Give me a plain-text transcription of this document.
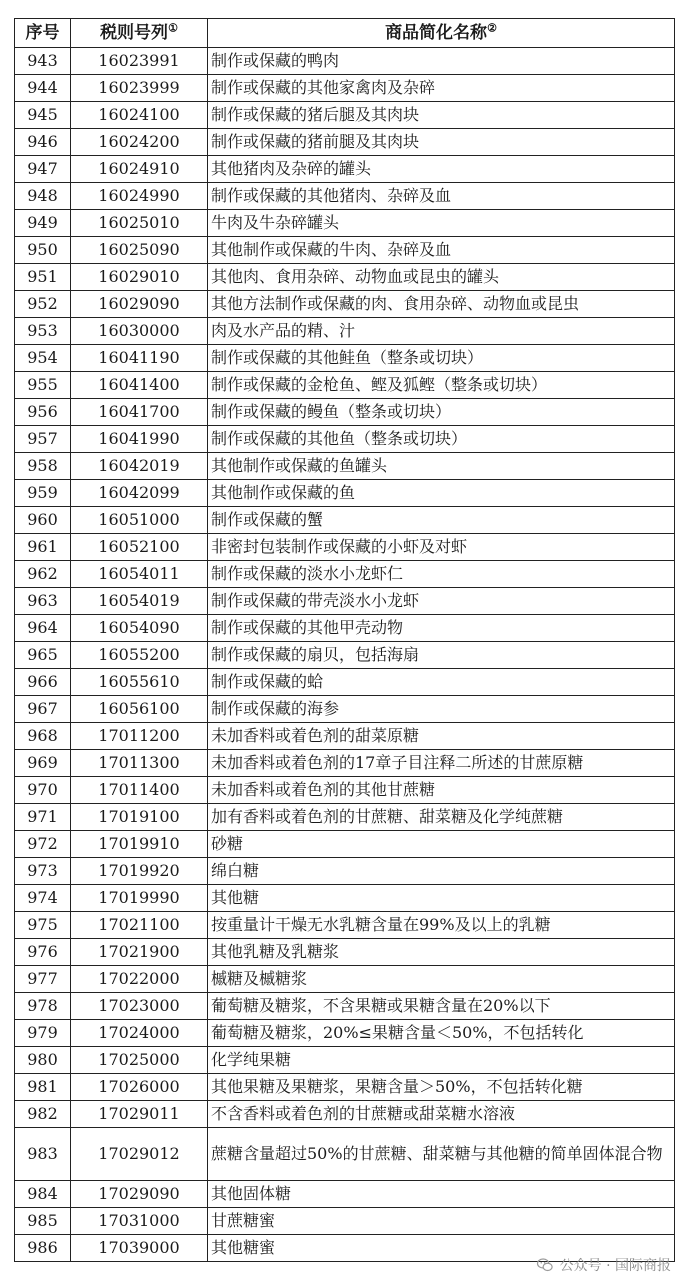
序号	税则号列①	商品简化名称②
943	16023991	制作或保藏的鸭肉
944	16023999	制作或保藏的其他家禽肉及杂碎
945	16024100	制作或保藏的猪后腿及其肉块
946	16024200	制作或保藏的猪前腿及其肉块
947	16024910	其他猪肉及杂碎的罐头
948	16024990	制作或保藏的其他猪肉、杂碎及血
949	16025010	牛肉及牛杂碎罐头
950	16025090	其他制作或保藏的牛肉、杂碎及血
951	16029010	其他肉、食用杂碎、动物血或昆虫的罐头
952	16029090	其他方法制作或保藏的肉、食用杂碎、动物血或昆虫
953	16030000	肉及水产品的精、汁
954	16041190	制作或保藏的其他鲑鱼（整条或切块）
955	16041400	制作或保藏的金枪鱼、鲣及狐鲣（整条或切块）
956	16041700	制作或保藏的鳗鱼（整条或切块）
957	16041990	制作或保藏的其他鱼（整条或切块）
958	16042019	其他制作或保藏的鱼罐头
959	16042099	其他制作或保藏的鱼
960	16051000	制作或保藏的蟹
961	16052100	非密封包装制作或保藏的小虾及对虾
962	16054011	制作或保藏的淡水小龙虾仁
963	16054019	制作或保藏的带壳淡水小龙虾
964	16054090	制作或保藏的其他甲壳动物
965	16055200	制作或保藏的扇贝，包括海扇
966	16055610	制作或保藏的蛤
967	16056100	制作或保藏的海参
968	17011200	未加香料或着色剂的甜菜原糖
969	17011300	未加香料或着色剂的17章子目注释二所述的甘蔗原糖
970	17011400	未加香料或着色剂的其他甘蔗糖
971	17019100	加有香料或着色剂的甘蔗糖、甜菜糖及化学纯蔗糖
972	17019910	砂糖
973	17019920	绵白糖
974	17019990	其他糖
975	17021100	按重量计干燥无水乳糖含量在99%及以上的乳糖
976	17021900	其他乳糖及乳糖浆
977	17022000	槭糖及槭糖浆
978	17023000	葡萄糖及糖浆，不含果糖或果糖含量在20%以下
979	17024000	葡萄糖及糖浆，20%≤果糖含量＜50%，不包括转化
980	17025000	化学纯果糖
981	17026000	其他果糖及果糖浆，果糖含量＞50%，不包括转化糖
982	17029011	不含香料或着色剂的甘蔗糖或甜菜糖水溶液
983	17029012	蔗糖含量超过50%的甘蔗糖、甜菜糖与其他糖的简单固体混合物
984	17029090	其他固体糖
985	17031000	甘蔗糖蜜
986	17039000	其他糖蜜
公众号 · 国际商报
